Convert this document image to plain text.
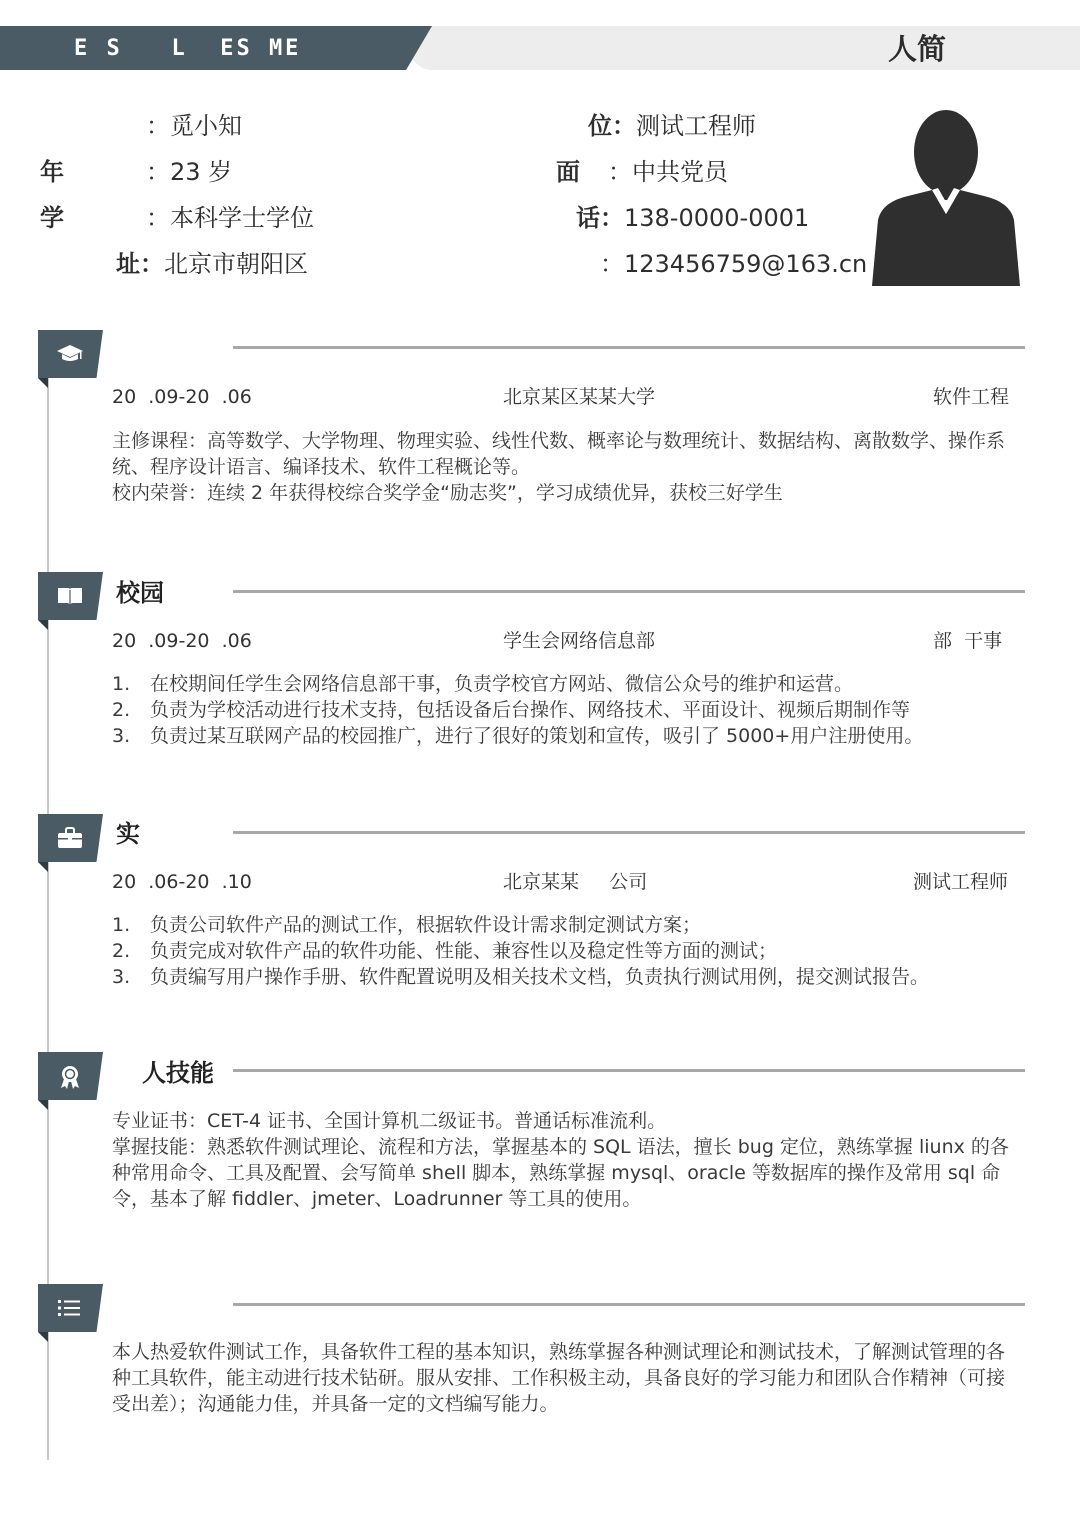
E S   L  ES ME	人简
：觅小知	位：测试工程师
年	：23 岁	面 ：中共党员
学	：本科学士学位	话：138-0000-0001
址：北京市朝阳区	：123456759@163.cn
20  .09-20  .06	北京某区某某大学	软件工程
主修课程：高等数学、大学物理、物理实验、线性代数、概率论与数理统计、数据结构、离散数学、操作系统、程序设计语言、编译技术、软件工程概论等。
校内荣誉：连续 2 年获得校综合奖学金“励志奖”，学习成绩优异，获校三好学生
校园
20  .09-20  .06	学生会网络信息部	部  干事
1. 在校期间任学生会网络信息部干事，负责学校官方网站、微信公众号的维护和运营。
2. 负责为学校活动进行技术支持，包括设备后台操作、网络技术、平面设计、视频后期制作等
3. 负责过某互联网产品的校园推广，进行了很好的策划和宣传，吸引了 5000+用户注册使用。
实
20  .06-20  .10	北京某某     公司	测试工程师
1. 负责公司软件产品的测试工作，根据软件设计需求制定测试方案；
2. 负责完成对软件产品的软件功能、性能、兼容性以及稳定性等方面的测试；
3. 负责编写用户操作手册、软件配置说明及相关技术文档，负责执行测试用例，提交测试报告。
人技能
专业证书：CET-4 证书、全国计算机二级证书。普通话标准流利。
掌握技能：熟悉软件测试理论、流程和方法，掌握基本的 SQL 语法，擅长 bug 定位，熟练掌握 liunx 的各种常用命令、工具及配置、会写简单 shell 脚本，熟练掌握 mysql、oracle 等数据库的操作及常用 sql 命令，基本了解 fiddler、jmeter、Loadrunner 等工具的使用。
本人热爱软件测试工作，具备软件工程的基本知识，熟练掌握各种测试理论和测试技术，了解测试管理的各种工具软件，能主动进行技术钻研。服从安排、工作积极主动，具备良好的学习能力和团队合作精神（可接受出差）；沟通能力佳，并具备一定的文档编写能力。
